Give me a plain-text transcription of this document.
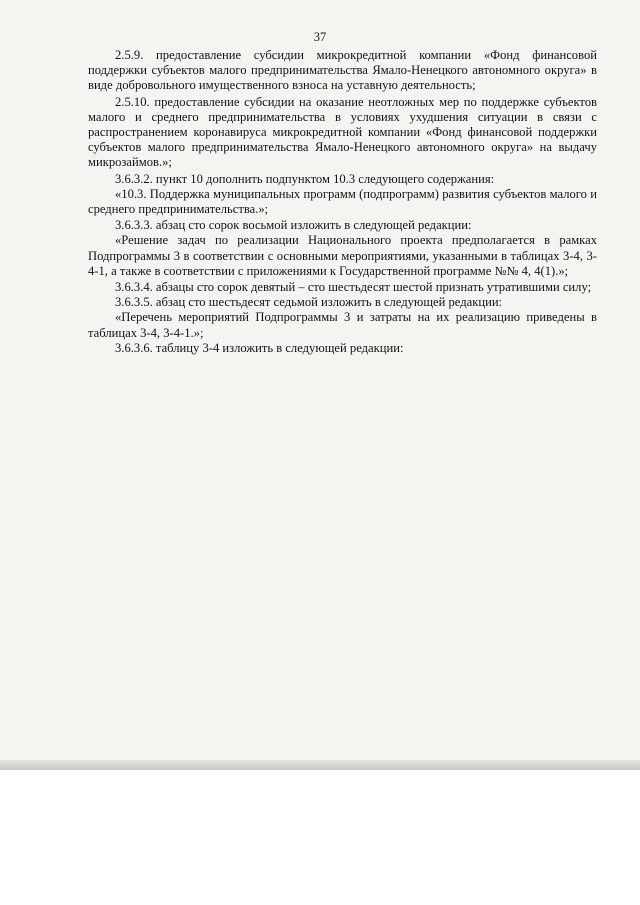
37

2.5.9. предоставление субсидии микрокредитной компании «Фонд финансовой поддержки субъектов малого предпринимательства Ямало-Ненецкого автономного округа» в виде добровольного имущественного взноса на уставную деятельность;

2.5.10. предоставление субсидии на оказание неотложных мер по поддержке субъектов малого и среднего предпринимательства в условиях ухудшения ситуации в связи с распространением коронавируса микрокредитной компании «Фонд финансовой поддержки субъектов малого предпринимательства Ямало-Ненецкого автономного округа» на выдачу микрозаймов.»;

3.6.3.2. пункт 10 дополнить подпунктом 10.3 следующего содержания:

«10.3. Поддержка муниципальных программ (подпрограмм) развития субъектов малого и среднего предпринимательства.»;

3.6.3.3. абзац сто сорок восьмой изложить в следующей редакции:

«Решение задач по реализации Национального проекта предполагается в рамках Подпрограммы 3 в соответствии с основными мероприятиями, указанными в таблицах 3-4, 3-4-1, а также в соответствии с приложениями к Государственной программе №№ 4, 4(1).»;

3.6.3.4. абзацы сто сорок девятый – сто шестьдесят шестой признать утратившими силу;

3.6.3.5. абзац сто шестьдесят седьмой изложить в следующей редакции:

«Перечень мероприятий Подпрограммы 3 и затраты на их реализацию приведены в таблицах 3-4, 3-4-1.»;

3.6.3.6. таблицу 3-4 изложить в следующей редакции:
